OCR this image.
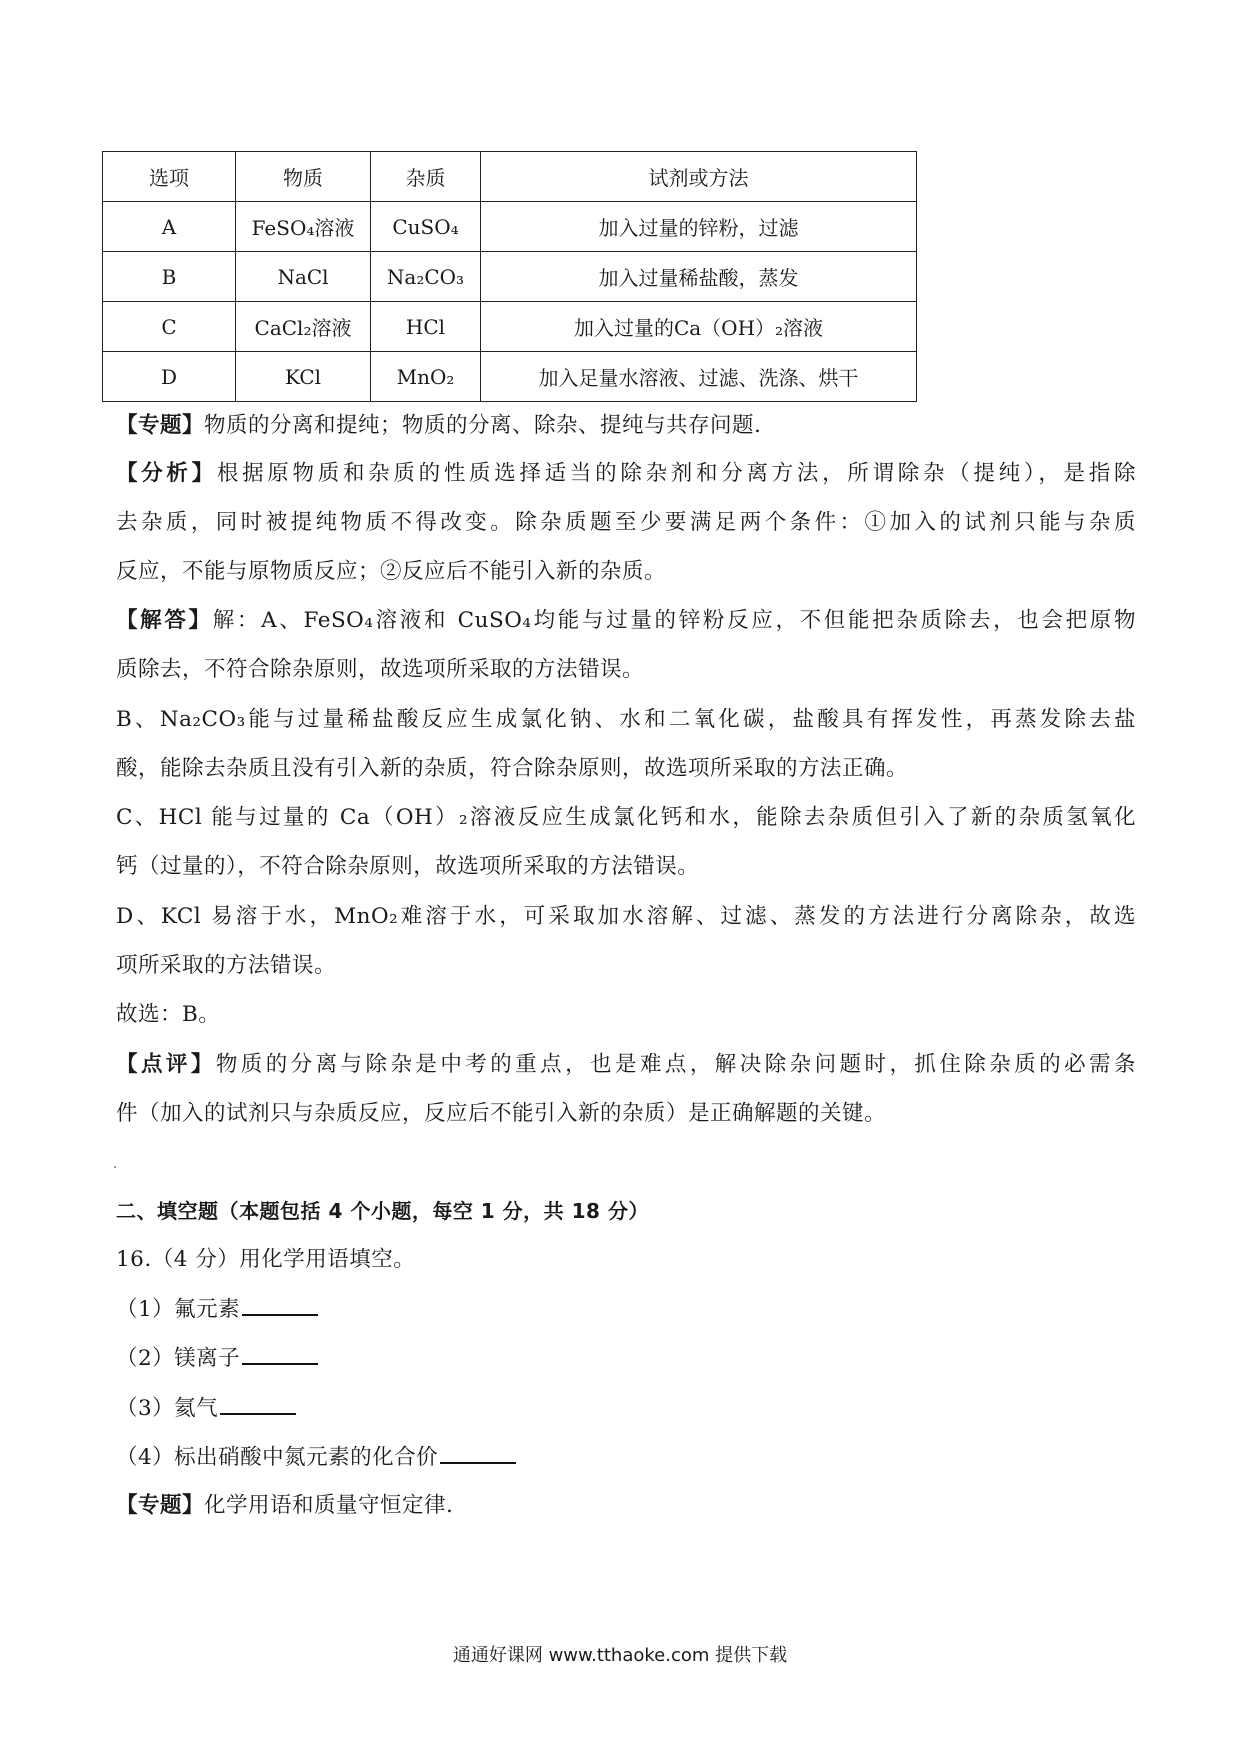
选项	物质	杂质	试剂或方法
A	FeSO₄溶液	CuSO₄	加入过量的锌粉，过滤
B	NaCl	Na₂CO₃	加入过量稀盐酸，蒸发
C	CaCl₂溶液	HCl	加入过量的Ca（OH）₂溶液
D	KCl	MnO₂	加入足量水溶液、过滤、洗涤、烘干
【专题】物质的分离和提纯；物质的分离、除杂、提纯与共存问题.
【分析】根据原物质和杂质的性质选择适当的除杂剂和分离方法，所谓除杂（提纯），是指除
去杂质，同时被提纯物质不得改变。除杂质题至少要满足两个条件：①加入的试剂只能与杂质
反应，不能与原物质反应；②反应后不能引入新的杂质。
【解答】解：A、FeSO₄溶液和 CuSO₄均能与过量的锌粉反应，不但能把杂质除去，也会把原物
质除去，不符合除杂原则，故选项所采取的方法错误。
B、Na₂CO₃能与过量稀盐酸反应生成氯化钠、水和二氧化碳，盐酸具有挥发性，再蒸发除去盐
酸，能除去杂质且没有引入新的杂质，符合除杂原则，故选项所采取的方法正确。
C、HCl 能与过量的 Ca（OH）₂溶液反应生成氯化钙和水，能除去杂质但引入了新的杂质氢氧化
钙（过量的），不符合除杂原则，故选项所采取的方法错误。
D、KCl 易溶于水，MnO₂难溶于水，可采取加水溶解、过滤、蒸发的方法进行分离除杂，故选
项所采取的方法错误。
故选：B。
【点评】物质的分离与除杂是中考的重点，也是难点，解决除杂问题时，抓住除杂质的必需条
件（加入的试剂只与杂质反应，反应后不能引入新的杂质）是正确解题的关键。
二、填空题（本题包括 4 个小题，每空 1 分，共 18 分）
16.（4 分）用化学用语填空。
（1）氟元素
（2）镁离子
（3）氦气
（4）标出硝酸中氮元素的化合价
【专题】化学用语和质量守恒定律.
通通好课网 www.tthaoke.com 提供下载
